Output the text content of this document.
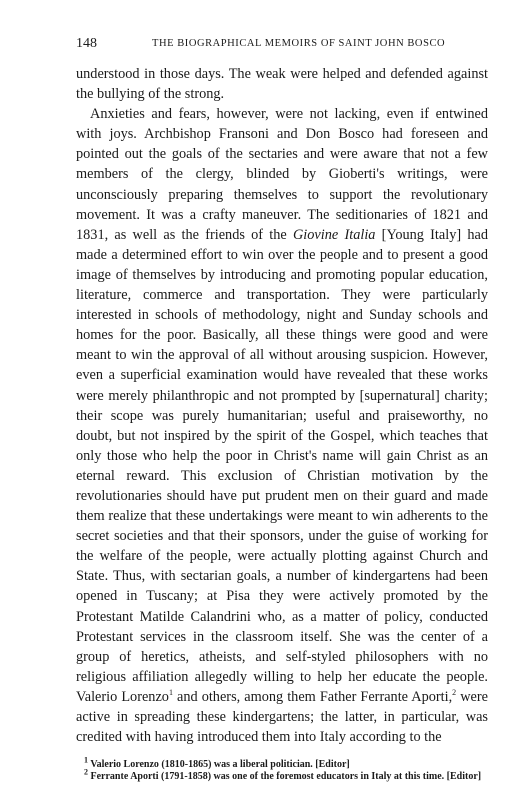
148	THE BIOGRAPHICAL MEMOIRS OF SAINT JOHN BOSCO

understood in those days. The weak were helped and defended against the bullying of the strong.

Anxieties and fears, however, were not lacking, even if entwined with joys. Archbishop Fransoni and Don Bosco had foreseen and pointed out the goals of the sectaries and were aware that not a few members of the clergy, blinded by Gioberti's writings, were unconsciously preparing themselves to support the revolutionary movement. It was a crafty maneuver. The seditionaries of 1821 and 1831, as well as the friends of the Giovine Italia [Young Italy] had made a determined effort to win over the people and to present a good image of themselves by introducing and promoting popular education, literature, commerce and transportation. They were particularly interested in schools of methodology, night and Sunday schools and homes for the poor. Basically, all these things were good and were meant to win the approval of all without arousing suspicion. However, even a superficial examination would have revealed that these works were merely philanthropic and not prompted by [supernatural] charity; their scope was purely humanitarian; useful and praiseworthy, no doubt, but not inspired by the spirit of the Gospel, which teaches that only those who help the poor in Christ's name will gain Christ as an eternal reward. This exclusion of Christian motivation by the revolutionaries should have put prudent men on their guard and made them realize that these undertakings were meant to win adherents to the secret societies and that their sponsors, under the guise of working for the welfare of the people, were actually plotting against Church and State. Thus, with sectarian goals, a number of kindergartens had been opened in Tuscany; at Pisa they were actively promoted by the Protestant Matilde Calandrini who, as a matter of policy, conducted Protestant services in the classroom itself. She was the center of a group of heretics, atheists, and self-styled philosophers with no religious affiliation allegedly willing to help her educate the people. Valerio Lorenzo$^1$ and others, among them Father Ferrante Aporti,$^2$ were active in spreading these kindergartens; the latter, in particular, was credited with having introduced them into Italy according to the

$^1$ Valerio Lorenzo (1810-1865) was a liberal politician. [Editor]

$^2$ Ferrante Aporti (1791-1858) was one of the foremost educators in Italy at this time. [Editor]
